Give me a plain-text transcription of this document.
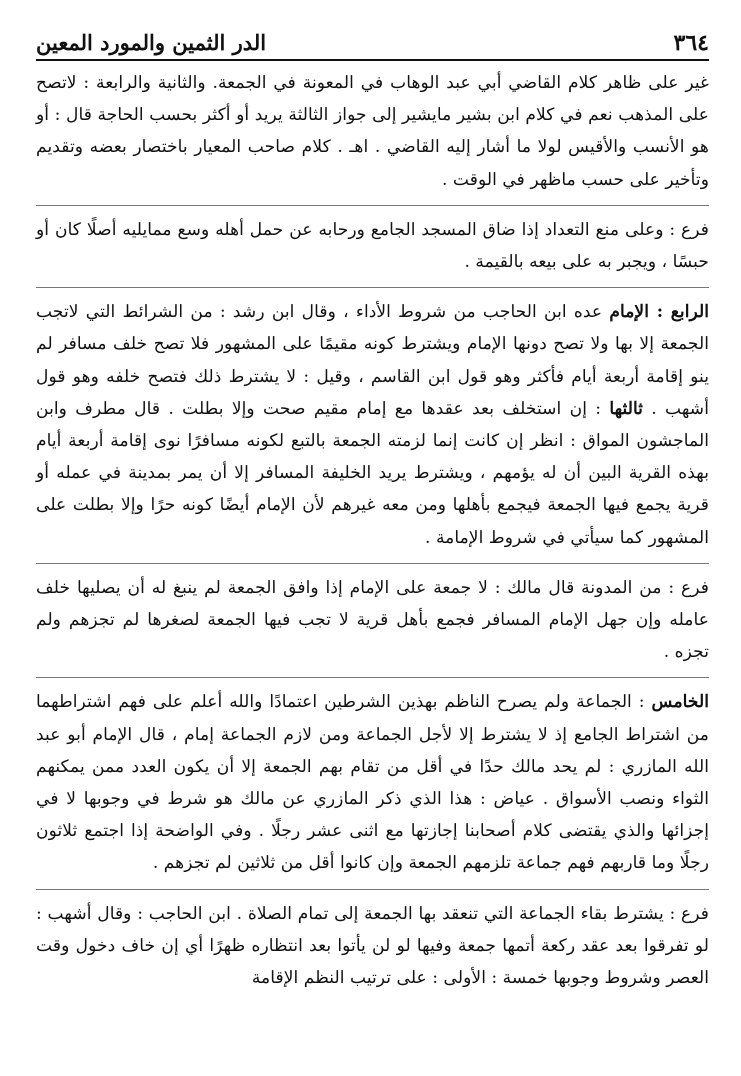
٣٦٤
الدر الثمين والمورد المعين

غير على ظاهر كلام القاضي أبي عبد الوهاب في المعونة في الجمعة. والثانية والرابعة : لاتصح على المذهب نعم في كلام ابن بشير مايشير إلى جواز الثالثة يريد أو أكثر بحسب الحاجة قال : أو هو الأنسب والأقيس لولا ما أشار إليه القاضي . اهـ . كلام صاحب المعيار باختصار بعضه وتقديم وتأخير على حسب ماظهر في الوقت .

فرع : وعلى منع التعداد إذا ضاق المسجد الجامع ورحابه عن حمل أهله وسع ممايليه أصلًا كان أو حبسًا ، ويجبر به على بيعه بالقيمة .

الرابع : الإمام عده ابن الحاجب من شروط الأداء ، وقال ابن رشد : من الشرائط التي لاتجب الجمعة إلا بها ولا تصح دونها الإمام ويشترط كونه مقيمًا على المشهور فلا تصح خلف مسافر لم ينو إقامة أربعة أيام فأكثر وهو قول ابن القاسم ، وقيل : لا يشترط ذلك فتصح خلفه وهو قول أشهب . ثالثها : إن استخلف بعد عقدها مع إمام مقيم صحت وإلا بطلت . قال مطرف وابن الماجشون المواق : انظر إن كانت إنما لزمته الجمعة بالتبع لكونه مسافرًا نوى إقامة أربعة أيام بهذه القرية البين أن له يؤمهم ، ويشترط يريد الخليفة المسافر إلا أن يمر بمدينة في عمله أو قرية يجمع فيها الجمعة فيجمع بأهلها ومن معه غيرهم لأن الإمام أيضًا كونه حرًا وإلا بطلت على المشهور كما سيأتي في شروط الإمامة .

فرع : من المدونة قال مالك : لا جمعة على الإمام إذا وافق الجمعة لم ينبغ له أن يصليها خلف عامله وإن جهل الإمام المسافر فجمع بأهل قرية لا تجب فيها الجمعة لصغرها لم تجزهم ولم تجزه .

الخامس : الجماعة ولم يصرح الناظم بهذين الشرطين اعتمادًا والله أعلم على فهم اشتراطهما من اشتراط الجامع إذ لا يشترط إلا لأجل الجماعة ومن لازم الجماعة إمام ، قال الإمام أبو عبد الله المازري : لم يحد مالك حدًا في أقل من تقام بهم الجمعة إلا أن يكون العدد ممن يمكنهم الثواء ونصب الأسواق . عياض : هذا الذي ذكر المازري عن مالك هو شرط في وجوبها لا في إجزائها والذي يقتضى كلام أصحابنا إجازتها مع اثنى عشر رجلًا . وفي الواضحة إذا اجتمع ثلاثون رجلًا وما قاربهم فهم جماعة تلزمهم الجمعة وإن كانوا أقل من ثلاثين لم تجزهم .

فرع : يشترط بقاء الجماعة التي تنعقد بها الجمعة إلى تمام الصلاة . ابن الحاجب : وقال أشهب : لو تفرقوا بعد عقد ركعة أتمها جمعة وفيها لو لن يأتوا بعد انتظاره ظهرًا أي إن خاف دخول وقت العصر وشروط وجوبها خمسة : الأولى : على ترتيب النظم الإقامة
